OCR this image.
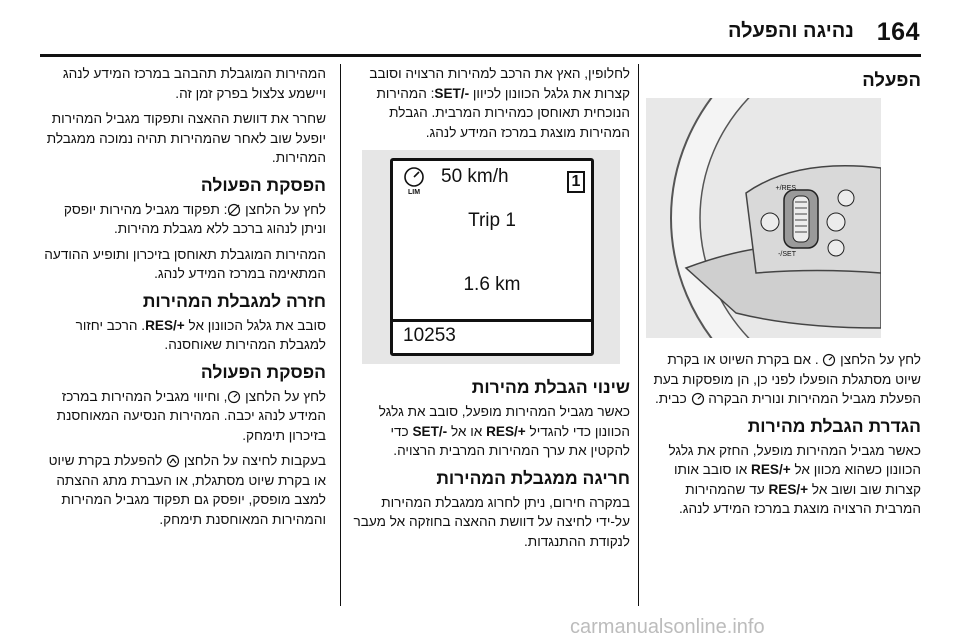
נהיגה והפעלה 164
הפעלה
RES/+
SET/-

לחץ על הלחצן  . אם בקרת השיוט או בקרת שיוט מסתגלת הופעלו לפני כן, הן מופסקות בעת הפעלת מגביל המהירות ונורית הבקרה  כבית.

הגדרת הגבלת מהירות

כאשר מגביל המהירות מופעל, החזק את גלגל הכוונון כשהוא מכוון אל RES/+ או סובב אותו קצרות שוב ושוב אל RES/+ עד שהמהירות המרבית הרצויה מוצגת במרכז המידע לנהג.

לחלופין, האץ את הרכב למהירות הרצויה וסובב קצרות את גלגל הכוונון לכיוון SET/-: המהירות הנוכחית תאוחסן כמהירות המרבית. הגבלת המהירות מוצגת במרכז המידע לנהג.

LIM
50 km/h	1
Trip 1
1.6 km
10253
שינוי הגבלת מהירות

כאשר מגביל המהירות מופעל, סובב את גלגל הכוונון כדי להגדיל RES/+ או אל SET/- כדי להקטין את ערך המהירות המרבית הרצויה.

חריגה ממגבלת המהירות

במקרה חירום, ניתן לחרוג ממגבלת המהירות על-ידי לחיצה על דוושת ההאצה בחוזקה אל מעבר לנקודת ההתנגדות.

המהירות המוגבלת תהבהב במרכז המידע לנהג ויישמע צלצול בפרק זמן זה.

שחרר את דוושת ההאצה ותפקוד מגביל המהירות יופעל שוב לאחר שהמהירות תהיה נמוכה ממגבלת המהירות.

הפסקת הפעולה

לחץ על הלחצן : תפקוד מגביל מהירות יופסק וניתן לנהוג ברכב ללא מגבלת מהירות.

המהירות המוגבלת תאוחסן בזיכרון ותופיע ההודעה המתאימה במרכז המידע לנהג.

חזרה למגבלת המהירות

סובב את גלגל הכוונון אל RES/+. הרכב יחזור למגבלת המהירות שאוחסנה.

הפסקת הפעולה

לחץ על הלחצן , וחיווי מגביל המהירות במרכז המידע לנהג יכבה. המהירות הנסיעה המאוחסנת בזיכרון תימחק.

בעקבות לחיצה על הלחצן  להפעלת בקרת שיוט או בקרת שיוט מסתגלת, או העברת מתג ההצתה למצב מופסק, יופסק גם תפקוד מגביל המהירות והמהירות המאוחסנת תימחק.

carmanualsonline.info
